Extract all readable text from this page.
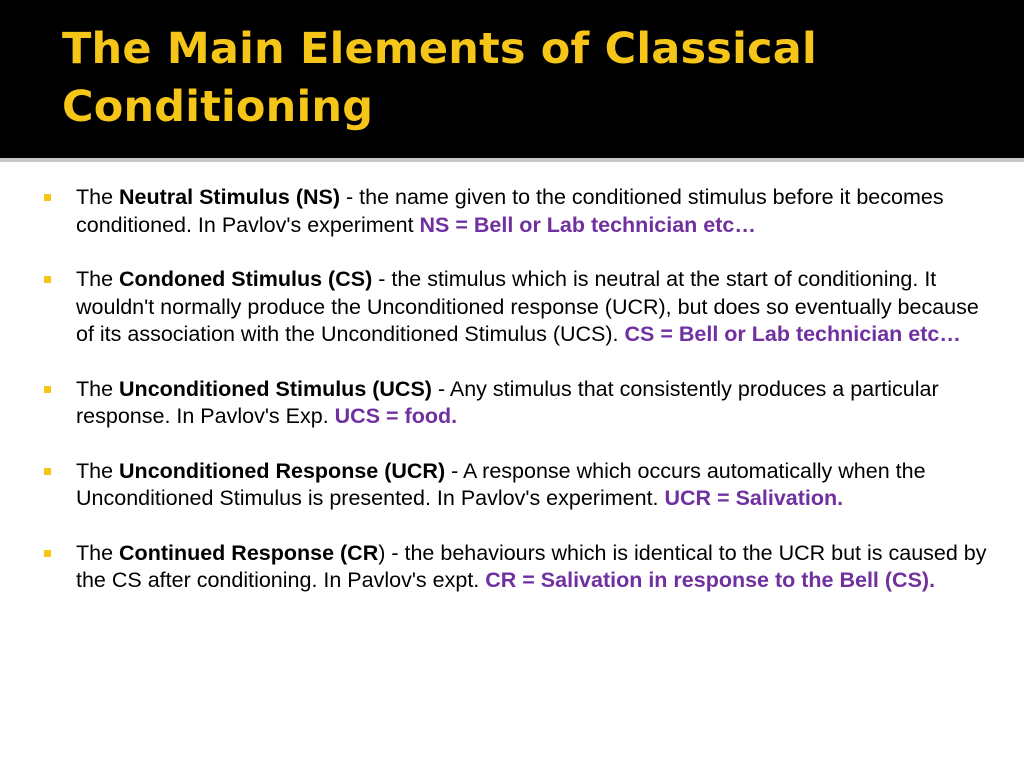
The Main Elements of Classical Conditioning
The Neutral Stimulus (NS) - the name given to the conditioned stimulus before it becomes conditioned. In Pavlov's experiment NS = Bell or Lab technician etc…
The Condoned Stimulus (CS) - the stimulus which is neutral at the start of conditioning. It wouldn't normally produce the Unconditioned response (UCR), but does so eventually because of its association with the Unconditioned Stimulus (UCS). CS = Bell or Lab technician etc…
The Unconditioned Stimulus (UCS) - Any stimulus that consistently produces a particular response. In Pavlov's Exp. UCS = food.
The Unconditioned Response (UCR) - A response which occurs automatically when the Unconditioned Stimulus is presented. In Pavlov's experiment. UCR = Salivation.
The Continued Response (CR) - the behaviours which is identical to the UCR but is caused by the CS after conditioning. In Pavlov's expt. CR = Salivation in response to the Bell (CS).
